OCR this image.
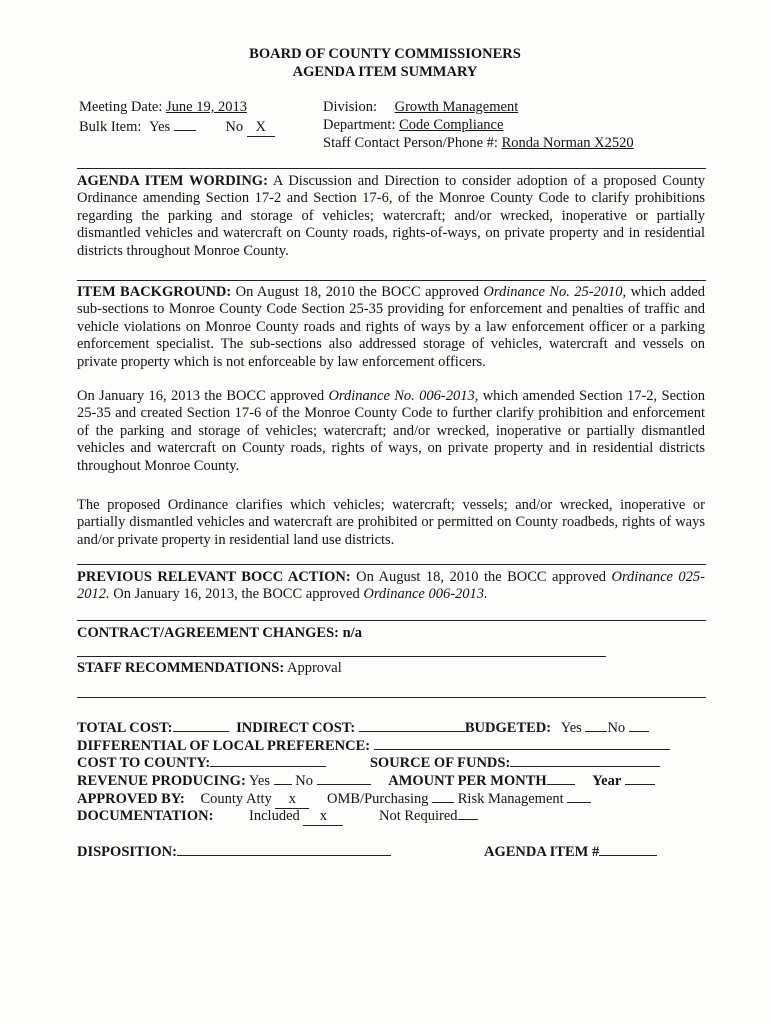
BOARD OF COUNTY COMMISSIONERS
AGENDA ITEM SUMMARY
Meeting Date: June 19, 2013
Bulk Item: Yes	No X
Division: Growth Management
Department: Code Compliance
Staff Contact Person/Phone #: Ronda Norman X2520
AGENDA ITEM WORDING: A Discussion and Direction to consider adoption of a proposed County Ordinance amending Section 17-2 and Section 17-6, of the Monroe County Code to clarify prohibitions regarding the parking and storage of vehicles; watercraft; and/or wrecked, inoperative or partially dismantled vehicles and watercraft on County roads, rights-of-ways, on private property and in residential districts throughout Monroe County.
ITEM BACKGROUND: On August 18, 2010 the BOCC approved Ordinance No. 25-2010, which added sub-sections to Monroe County Code Section 25-35 providing for enforcement and penalties of traffic and vehicle violations on Monroe County roads and rights of ways by a law enforcement officer or a parking enforcement specialist. The sub-sections also addressed storage of vehicles, watercraft and vessels on private property which is not enforceable by law enforcement officers.
On January 16, 2013 the BOCC approved Ordinance No. 006-2013, which amended Section 17-2, Section 25-35 and created Section 17-6 of the Monroe County Code to further clarify prohibition and enforcement of the parking and storage of vehicles; watercraft; and/or wrecked, inoperative or partially dismantled vehicles and watercraft on County roads, rights of ways, on private property and in residential districts throughout Monroe County.
The proposed Ordinance clarifies which vehicles; watercraft; vessels; and/or wrecked, inoperative or partially dismantled vehicles and watercraft are prohibited or permitted on County roadbeds, rights of ways and/or private property in residential land use districts.
PREVIOUS RELEVANT BOCC ACTION: On August 18, 2010 the BOCC approved Ordinance 025-2012. On January 16, 2013, the BOCC approved Ordinance 006-2013.
CONTRACT/AGREEMENT CHANGES: n/a
STAFF RECOMMENDATIONS: Approval
TOTAL COST:	INDIRECT COST:	BUDGETED: Yes No
DIFFERENTIAL OF LOCAL PREFERENCE:
COST TO COUNTY:	SOURCE OF FUNDS:
REVENUE PRODUCING: Yes No	AMOUNT PER MONTH	Year
APPROVED BY: County Atty x OMB/Purchasing Risk Management
DOCUMENTATION: Included x	Not Required
DISPOSITION:	AGENDA ITEM #
